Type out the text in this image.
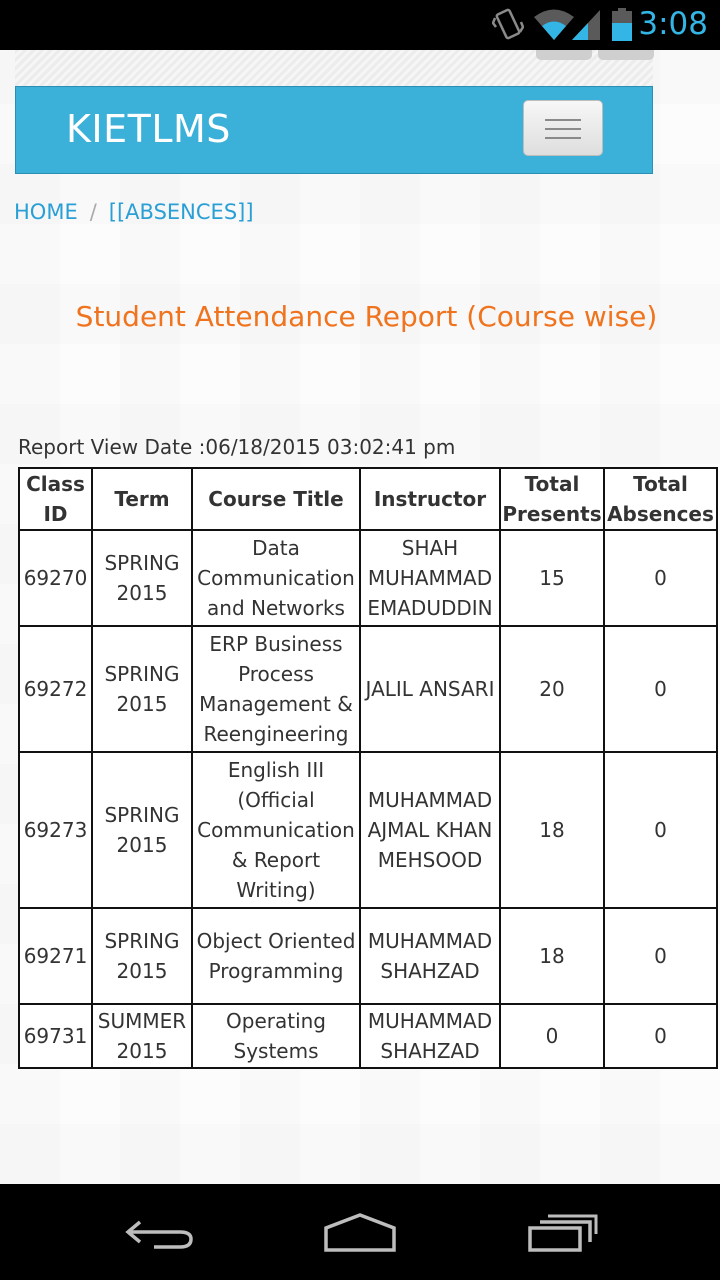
3:08
KIETLMS
HOME / [[ABSENCES]]
Student Attendance Report (Course wise)
Report View Date :06/18/2015 03:02:41 pm
Class ID	Term	Course Title	Instructor	Total Presents	Total Absences
69270	SPRING 2015	Data Communication and Networks	SHAH MUHAMMAD EMADUDDIN	15	0
69272	SPRING 2015	ERP Business Process Management & Reengineering	JALIL ANSARI	20	0
69273	SPRING 2015	English III (Official Communication & Report Writing)	MUHAMMAD AJMAL KHAN MEHSOOD	18	0
69271	SPRING 2015	Object Oriented Programming	MUHAMMAD SHAHZAD	18	0
69731	SUMMER 2015	Operating Systems	MUHAMMAD SHAHZAD	0	0
